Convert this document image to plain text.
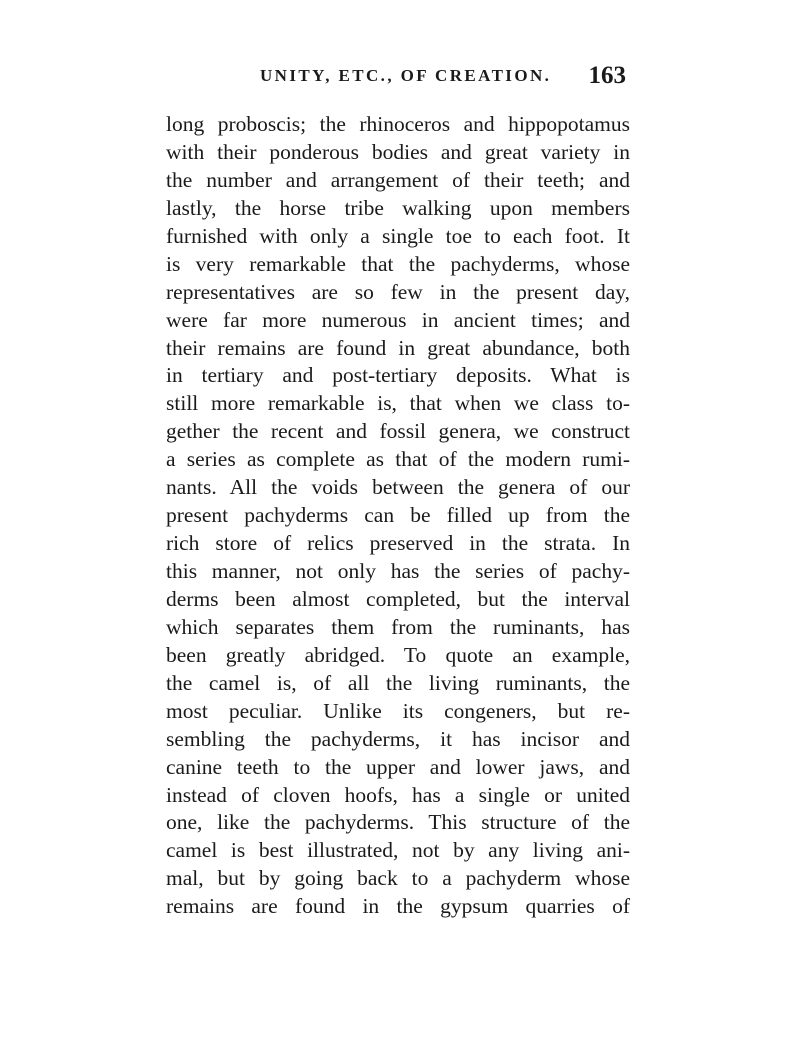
UNITY, ETC., OF CREATION. 163
long proboscis; the rhinoceros and hippopotamus
with their ponderous bodies and great variety in
the number and arrangement of their teeth; and
lastly, the horse tribe walking upon members
furnished with only a single toe to each foot. It
is very remarkable that the pachyderms, whose
representatives are so few in the present day,
were far more numerous in ancient times; and
their remains are found in great abundance, both
in tertiary and post-tertiary deposits. What is
still more remarkable is, that when we class to-
gether the recent and fossil genera, we construct
a series as complete as that of the modern rumi-
nants. All the voids between the genera of our
present pachyderms can be filled up from the
rich store of relics preserved in the strata. In
this manner, not only has the series of pachy-
derms been almost completed, but the interval
which separates them from the ruminants, has
been greatly abridged. To quote an example,
the camel is, of all the living ruminants, the
most peculiar. Unlike its congeners, but re-
sembling the pachyderms, it has incisor and
canine teeth to the upper and lower jaws, and
instead of cloven hoofs, has a single or united
one, like the pachyderms. This structure of the
camel is best illustrated, not by any living ani-
mal, but by going back to a pachyderm whose
remains are found in the gypsum quarries of
